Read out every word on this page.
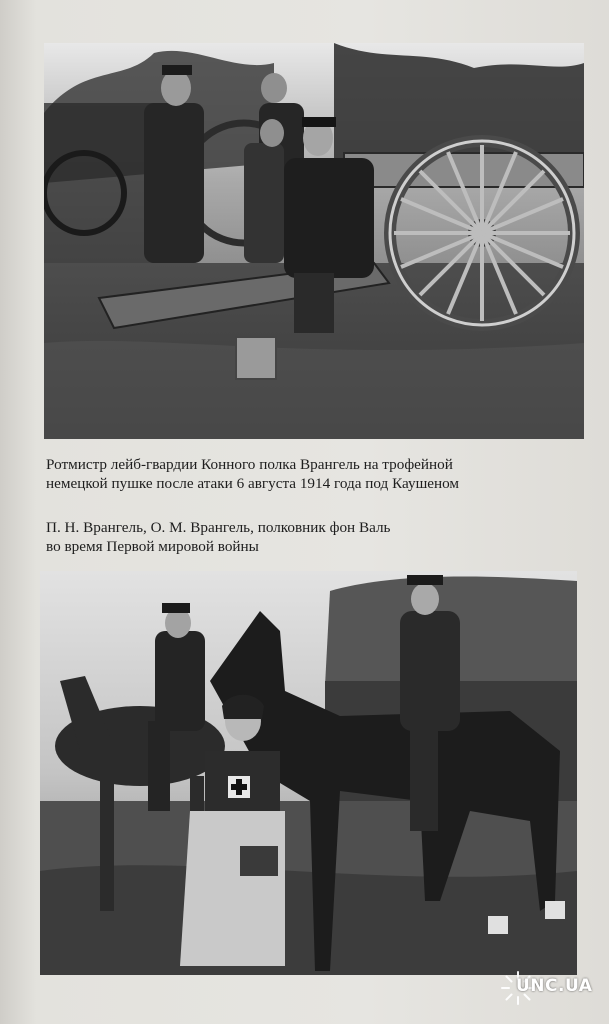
Ротмистр лейб-гвардии Конного полка Врангель на трофейной
немецкой пушке после атаки 6 августа 1914 года под Каушеном
П. Н. Врангель, О. М. Врангель, полковник фон Валь
во время Первой мировой войны
UNC.UA
